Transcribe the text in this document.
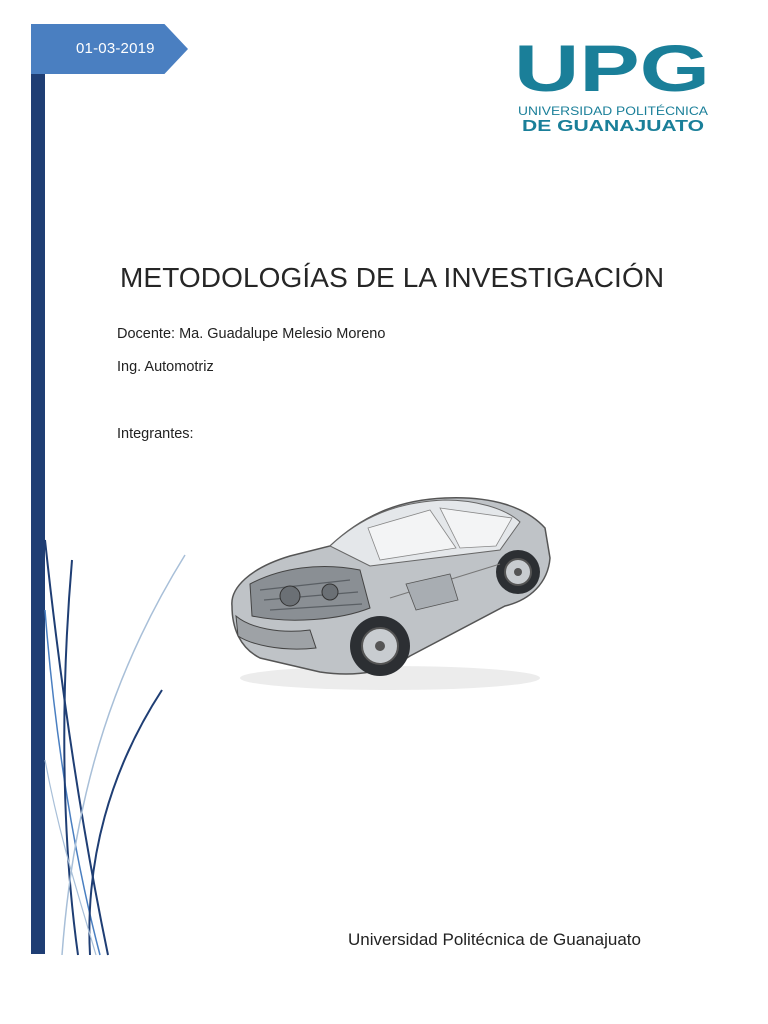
01-03-2019	UPG
UNIVERSIDAD POLITÉCNICA
DE GUANAJUATO
METODOLOGÍAS DE LA INVESTIGACIÓN
Docente: Ma. Guadalupe Melesio Moreno
Ing. Automotriz
Integrantes:
Universidad Politécnica de Guanajuato
